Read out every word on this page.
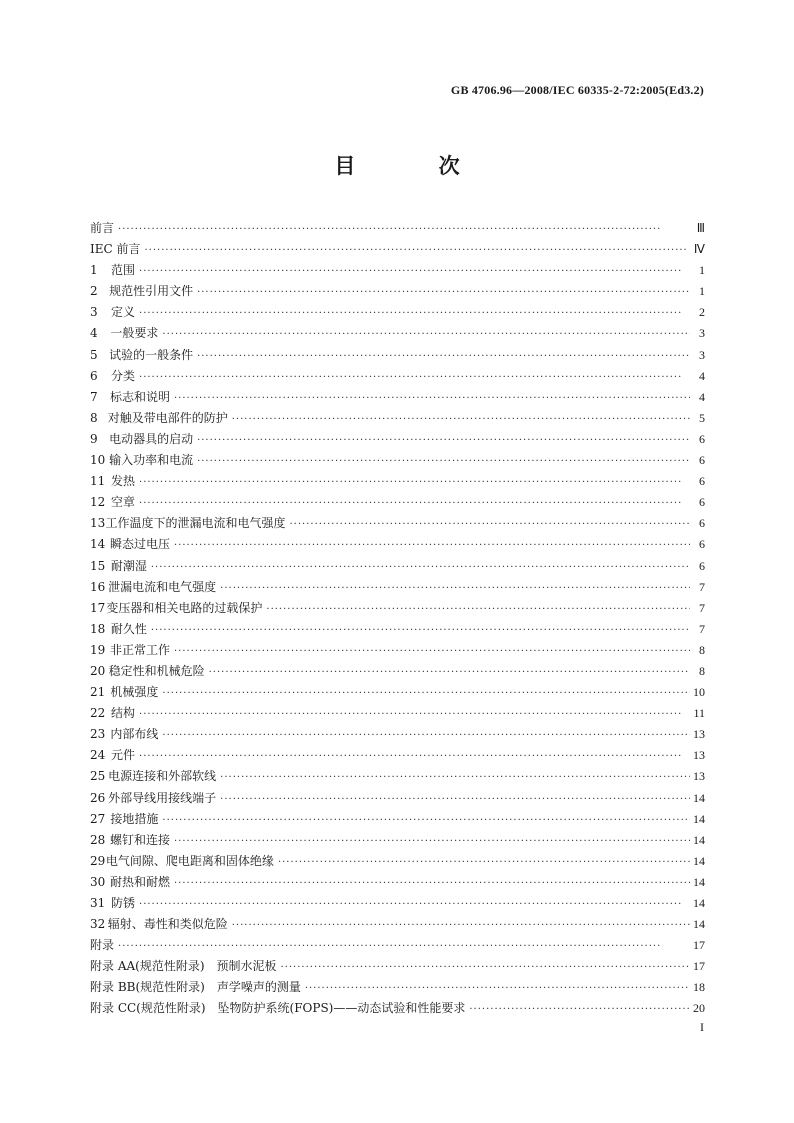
GB 4706.96—2008/IEC 60335-2-72:2005(Ed3.2)
目 次
前言 ·····	Ⅲ
IEC 前言 ·····	Ⅳ
1	范围 ·····	1
2 规范性引用文件 ·····	1
3	定义 ·····	2
4	一般要求 ·····	3
5 试验的一般条件 ·····	3
6	分类 ·····	4
7	标志和说明 ·····	4
8 对触及带电部件的防护 ·····	5
9 电动器具的启动 ·····	6
10 输入功率和电流 ·····	6
11 发热 ·····	6
12 空章 ·····	6
13 工作温度下的泄漏电流和电气强度 ·····	6
14 瞬态过电压 ·····	6
15 耐潮湿 ·····	6
16 泄漏电流和电气强度 ·····	7
17 变压器和相关电路的过载保护 ·····	7
18 耐久性 ·····	7
19 非正常工作 ·····	8
20 稳定性和机械危险 ·····	8
21 机械强度 ·····	10
22 结构 ·····	11
23 内部布线 ·····	13
24 元件 ·····	13
25 电源连接和外部软线 ·····	13
26 外部导线用接线端子 ·····	14
27 接地措施 ·····	14
28 螺钉和连接 ·····	14
29 电气间隙、爬电距离和固体绝缘 ·····	14
30 耐热和耐燃 ·····	14
31 防锈 ·····	14
32 辐射、毒性和类似危险 ·····	14
附录 ·····	17
附录 AA(规范性附录)　预制水泥板 ·····	17
附录 BB(规范性附录)　声学噪声的测量 ·····	18
附录 CC(规范性附录)　坠物防护系统(FOPS)——动态试验和性能要求 ·····	20
I
